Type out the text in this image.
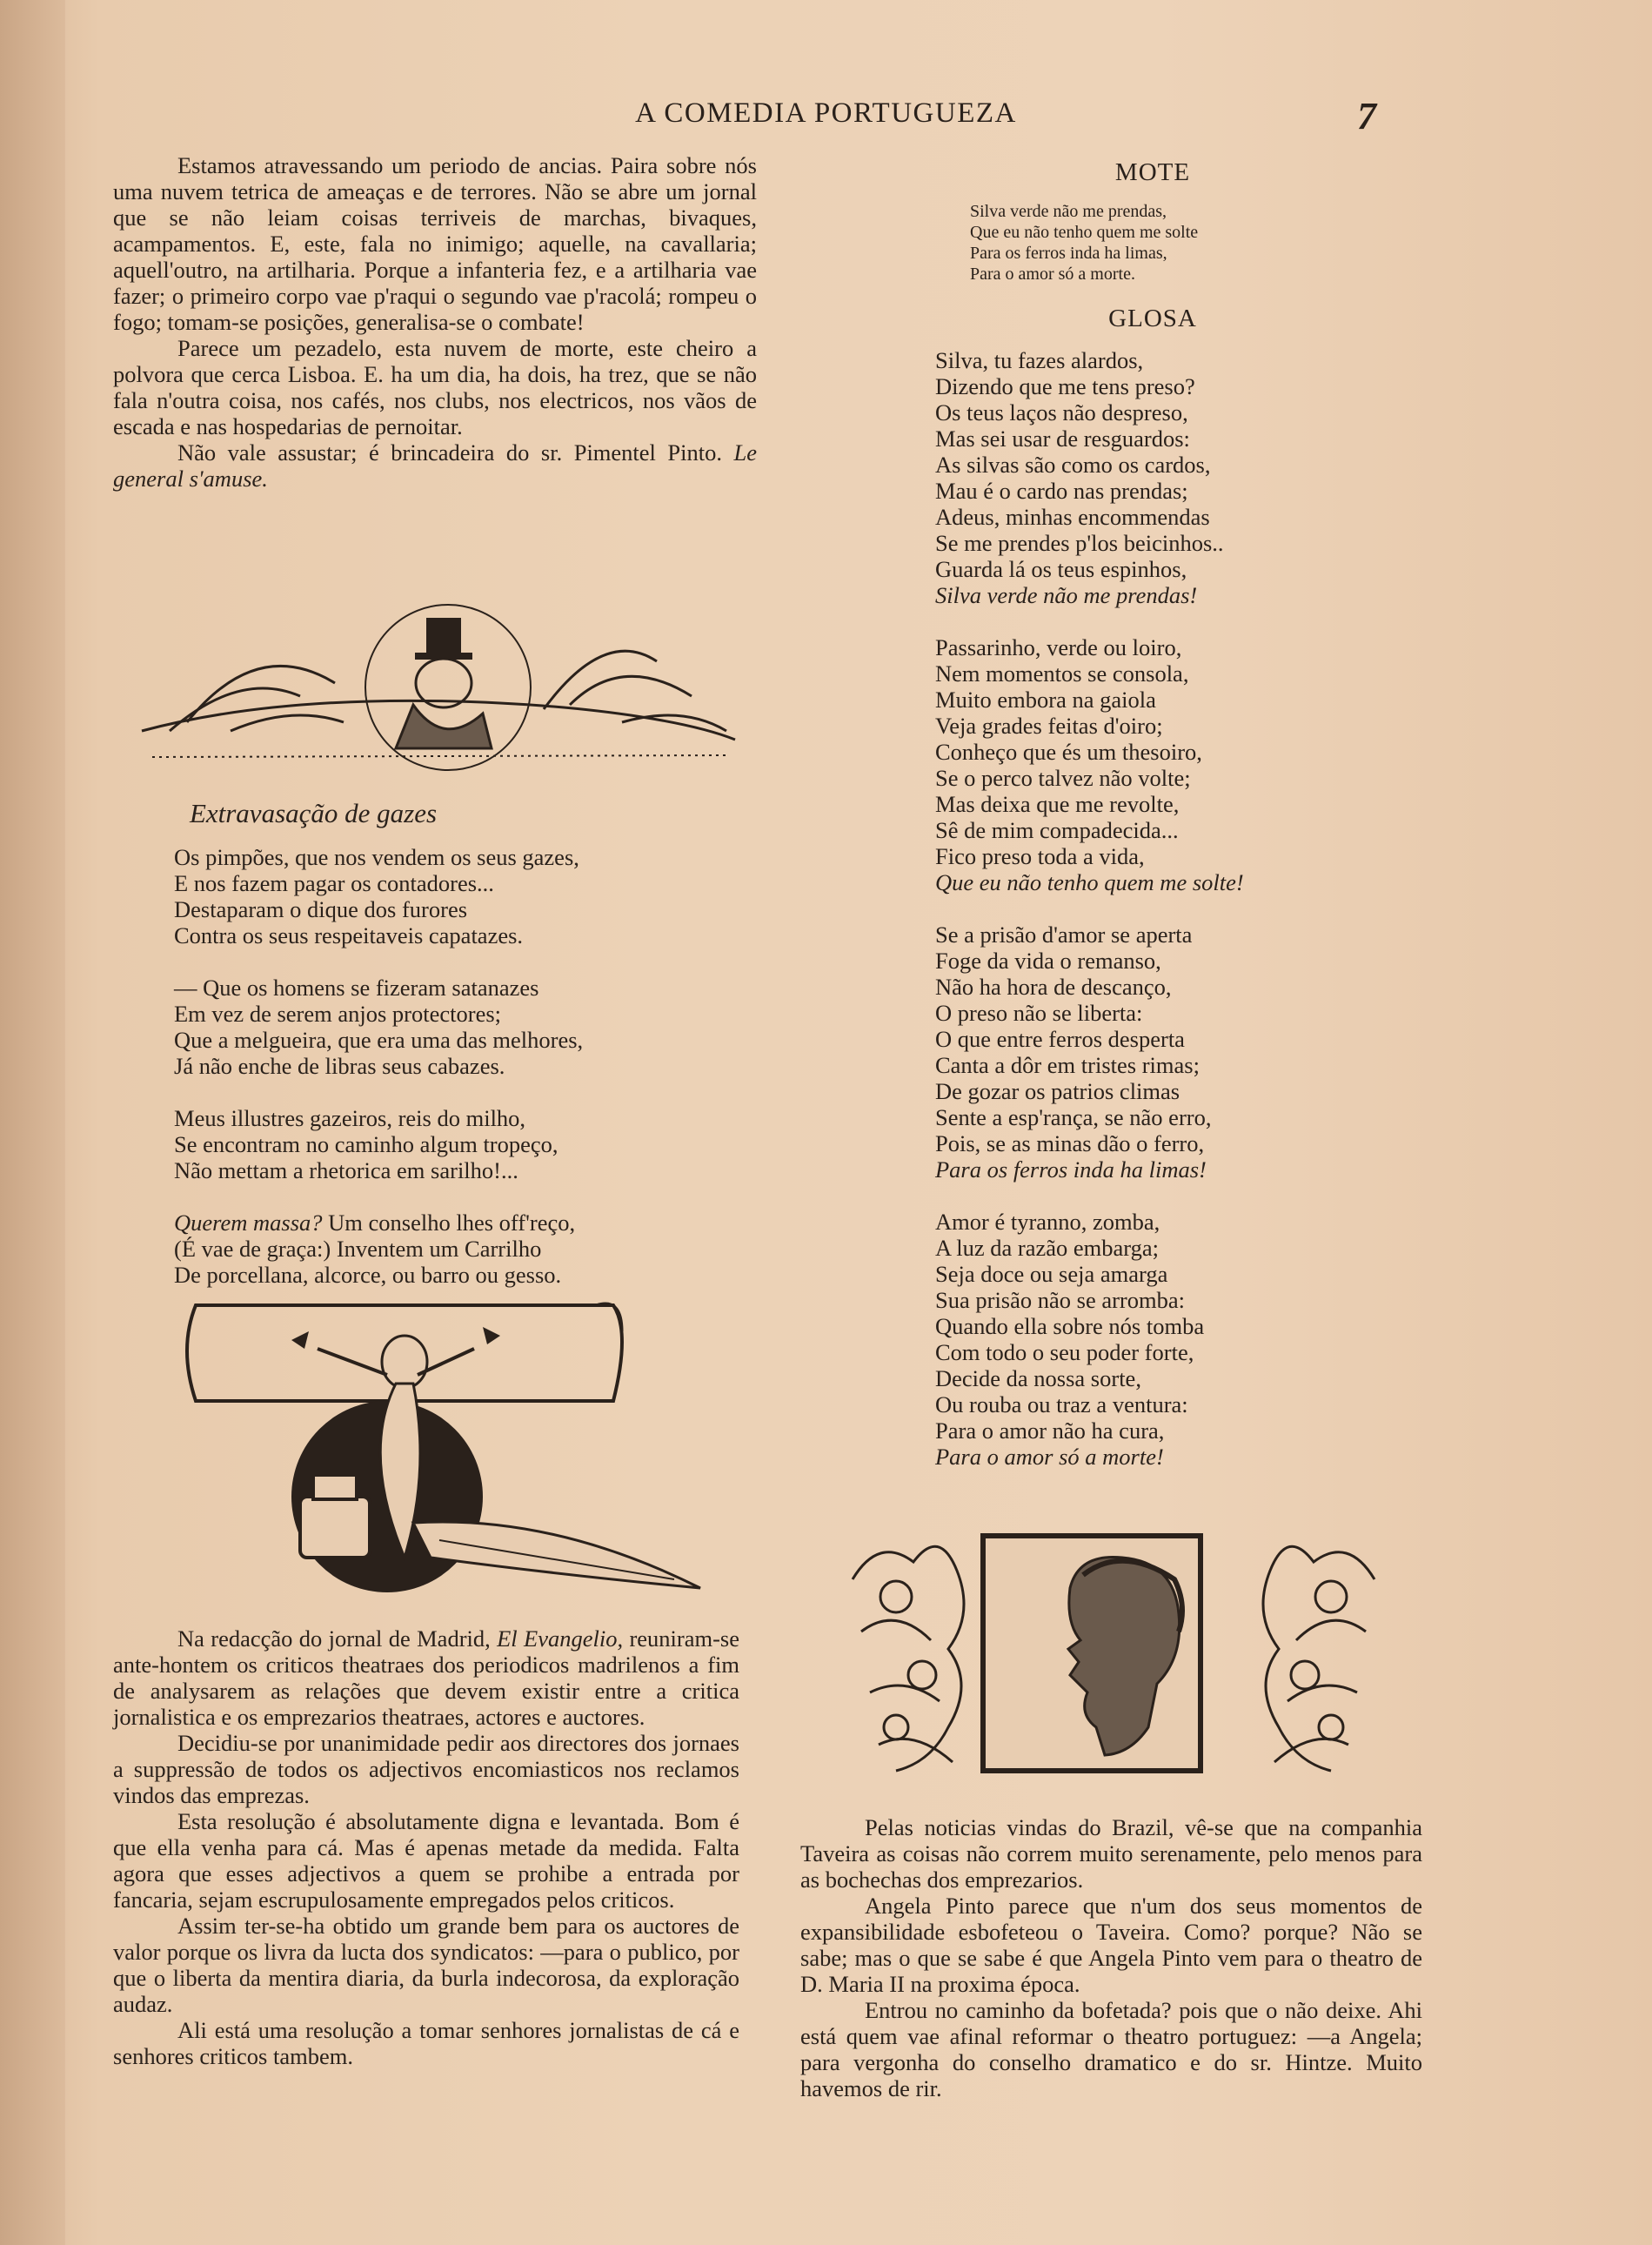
A COMEDIA PORTUGUEZA	7

Estamos atravessando um periodo de ancias. Paira sobre nós uma nuvem tetrica de ameaças e de terrores. Não se abre um jornal que se não leiam coisas terriveis de marchas, bivaques, acampamentos. E, este, fala no inimigo; aquelle, na cavallaria; aquell'outro, na artilharia. Porque a infanteria fez, e a artilharia vae fazer; o primeiro corpo vae p'raqui o segundo vae p'racolá; rompeu o fogo; tomam-se posições, generalisa-se o combate!

Parece um pezadelo, esta nuvem de morte, este cheiro a polvora que cerca Lisboa. E. ha um dia, ha dois, ha trez, que se não fala n'outra coisa, nos cafés, nos clubs, nos electricos, nos vãos de escada e nas hospedarias de pernoitar.

Não vale assustar; é brincadeira do sr. Pimentel Pinto. Le general s'amuse.

Extravasação de gazes
Os pimpões, que nos vendem os seus gazes,
E nos fazem pagar os contadores...
Destaparam o dique dos furores
Contra os seus respeitaveis capatazes.
— Que os homens se fizeram satanazes
Em vez de serem anjos protectores;
Que a melgueira, que era uma das melhores,
Já não enche de libras seus cabazes.
Meus illustres gazeiros, reis do milho,
Se encontram no caminho algum tropeço,
Não mettam a rhetorica em sarilho!...
Querem massa? Um conselho lhes off'reço,
(É vae de graça:) Inventem um Carrilho
De porcellana, alcorce, ou barro ou gesso.

Na redacção do jornal de Madrid, El Evangelio, reuniram-se ante-hontem os criticos theatraes dos periodicos madrilenos a fim de analysarem as relações que devem existir entre a critica jornalistica e os emprezarios theatraes, actores e auctores.

Decidiu-se por unanimidade pedir aos directores dos jornaes a suppressão de todos os adjectivos encomiasticos nos reclamos vindos das emprezas.

Esta resolução é absolutamente digna e levantada. Bom é que ella venha para cá. Mas é apenas metade da medida. Falta agora que esses adjectivos a quem se prohibe a entrada por fancaria, sejam escrupulosamente empregados pelos criticos.

Assim ter-se-ha obtido um grande bem para os auctores de valor porque os livra da lucta dos syndicatos: —para o publico, por que o liberta da mentira diaria, da burla indecorosa, da exploração audaz.

Ali está uma resolução a tomar senhores jornalistas de cá e senhores criticos tambem.

MOTE
Silva verde não me prendas,
Que eu não tenho quem me solte
Para os ferros inda ha limas,
Para o amor só a morte.
GLOSA
Silva, tu fazes alardos,
Dizendo que me tens preso?
Os teus laços não despreso,
Mas sei usar de resguardos:
As silvas são como os cardos,
Mau é o cardo nas prendas;
Adeus, minhas encommendas
Se me prendes p'los beicinhos..
Guarda lá os teus espinhos,
Silva verde não me prendas!
Passarinho, verde ou loiro,
Nem momentos se consola,
Muito embora na gaiola
Veja grades feitas d'oiro;
Conheço que és um thesoiro,
Se o perco talvez não volte;
Mas deixa que me revolte,
Sê de mim compadecida...
Fico preso toda a vida,
Que eu não tenho quem me solte!
Se a prisão d'amor se aperta
Foge da vida o remanso,
Não ha hora de descanço,
O preso não se liberta:
O que entre ferros desperta
Canta a dôr em tristes rimas;
De gozar os patrios climas
Sente a esp'rança, se não erro,
Pois, se as minas dão o ferro,
Para os ferros inda ha limas!
Amor é tyranno, zomba,
A luz da razão embarga;
Seja doce ou seja amarga
Sua prisão não se arromba:
Quando ella sobre nós tomba
Com todo o seu poder forte,
Decide da nossa sorte,
Ou rouba ou traz a ventura:
Para o amor não ha cura,
Para o amor só a morte!

Pelas noticias vindas do Brazil, vê-se que na companhia Taveira as coisas não correm muito serenamente, pelo menos para as bochechas dos emprezarios.

Angela Pinto parece que n'um dos seus momentos de expansibilidade esbofeteou o Taveira. Como? porque? Não se sabe; mas o que se sabe é que Angela Pinto vem para o theatro de D. Maria II na proxima época.

Entrou no caminho da bofetada? pois que o não deixe. Ahi está quem vae afinal reformar o theatro portuguez: —a Angela; para vergonha do conselho dramatico e do sr. Hintze. Muito havemos de rir.
